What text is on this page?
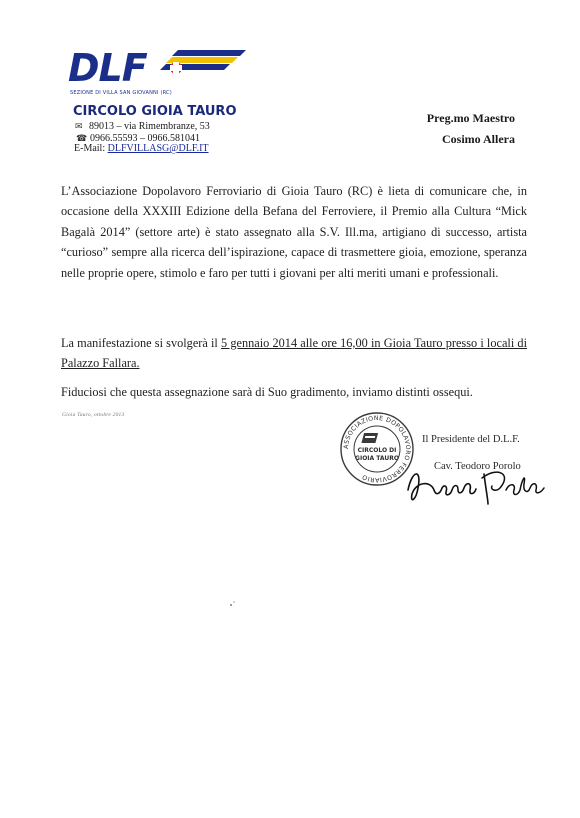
DLF
SEZIONE DI VILLA SAN GIOVANNI (RC)
CIRCOLO GIOIA TAURO
✉ 89013 – via Rimembranze, 53
☎ 0966.55593 – 0966.581041
E-Mail: DLFVILLASG@DLF.IT
Preg.mo Maestro
Cosimo Allera

L’Associazione Dopolavoro Ferroviario di Gioia Tauro (RC) è lieta di comunicare che, in occasione della XXXIII Edizione della Befana del Ferroviere, il Premio alla Cultura “Mick Bagalà 2014” (settore arte) è stato assegnato alla S.V. Ill.ma, artigiano di successo, artista “curioso” sempre alla ricerca dell’ispirazione, capace di trasmettere gioia, emozione, speranza nelle proprie opere, stimolo e faro per tutti i giovani per alti meriti umani e professionali.

La manifestazione si svolgerà il 5 gennaio 2014 alle ore 16,00 in Gioia Tauro presso i locali di Palazzo Fallara.

Fiduciosi che questa assegnazione sarà di Suo gradimento, inviamo distinti ossequi.

Gioia Tauro, ottobre 2013
ASSOCIAZIONE DOPOLAVORO FERROVIARIO
CIRCOLO DI
GIOIA TAURO
Il Presidente del D.L.F.
Cav. Teodoro Porolo
